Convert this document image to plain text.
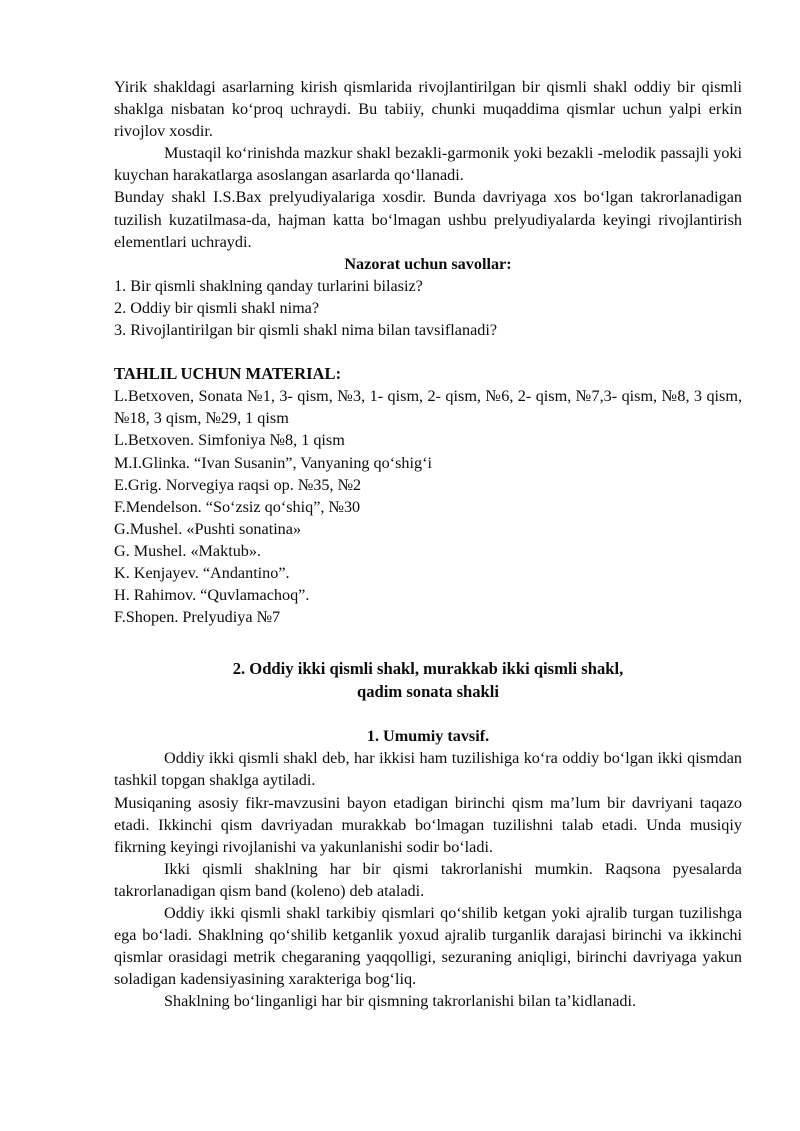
Yirik shakldagi asarlarning kirish qismlarida rivojlantirilgan bir qismli shakl oddiy bir qismli shaklga nisbatan koʻproq uchraydi. Bu tabiiy, chunki muqaddima qismlar uchun yalpi erkin rivojlov xosdir.

Mustaqil koʻrinishda mazkur shakl bezakli-garmonik yoki bezakli -melodik passajli yoki kuychan harakatlarga asoslangan asarlarda qoʻllanadi.

Bunday shakl I.S.Bax prelyudiyalariga xosdir. Bunda davriyaga xos boʻlgan takrorlanadigan tuzilish kuzatilmasa-da, hajman katta boʻlmagan ushbu prelyudiyalarda keyingi rivojlantirish elementlari uchraydi.

Nazorat uchun savollar:

1. Bir qismli shaklning qanday turlarini bilasiz?

2. Oddiy bir qismli shakl nima?

3. Rivojlantirilgan bir qismli shakl nima bilan tavsiflanadi?

TAHLIL UCHUN MATERIAL:

L.Betxoven, Sonata №1, 3- qism, №3, 1- qism, 2- qism, №6, 2- qism, №7,3- qism, №8, 3 qism, №18, 3 qism, №29, 1 qism

L.Betxoven. Simfoniya №8, 1 qism

M.I.Glinka. “Ivan Susanin”, Vanyaning qoʻshigʻi

E.Grig. Norvegiya raqsi op. №35, №2

F.Mendelson. “Soʻzsiz qoʻshiq”, №30

G.Mushel. «Pushti sonatina»

G. Mushel. «Maktub».

K. Kenjayev. “Andantino”.

H. Rahimov. “Quvlamachoq”.

F.Shopen. Prelyudiya №7

2. Oddiy ikki qismli shakl, murakkab ikki qismli shakl,

qadim sonata shakli

1. Umumiy tavsif.

Oddiy ikki qismli shakl deb, har ikkisi ham tuzilishiga koʻra oddiy boʻlgan ikki qismdan tashkil topgan shaklga aytiladi.

Musiqaning asosiy fikr-mavzusini bayon etadigan birinchi qism maʼlum bir davriyani taqazo etadi. Ikkinchi qism davriyadan murakkab boʻlmagan tuzilishni talab etadi. Unda musiqiy fikrning keyingi rivojlanishi va yakunlanishi sodir boʻladi.

Ikki qismli shaklning har bir qismi takrorlanishi mumkin. Raqsona pyesalarda takrorlanadigan qism band (koleno) deb ataladi.

Oddiy ikki qismli shakl tarkibiy qismlari qoʻshilib ketgan yoki ajralib turgan tuzilishga ega boʻladi. Shaklning qoʻshilib ketganlik yoxud ajralib turganlik darajasi birinchi va ikkinchi qismlar orasidagi metrik chegaraning yaqqolligi, sezuraning aniqligi, birinchi davriyaga yakun soladigan kadensiyasining xarakteriga bogʻliq.

Shaklning boʻlinganligi har bir qismning takrorlanishi bilan taʼkidlanadi.
